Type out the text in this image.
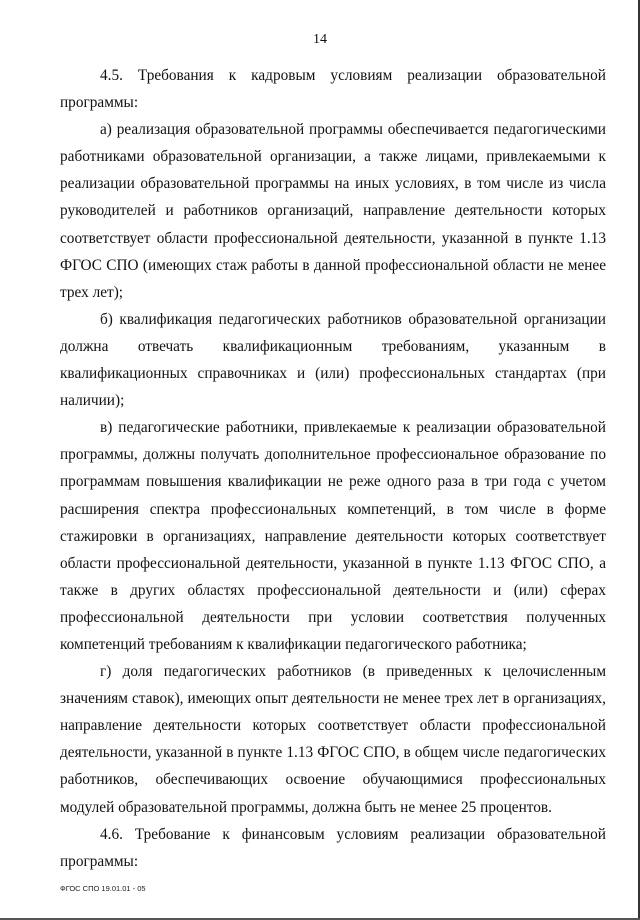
14

4.5. Требования к кадровым условиям реализации образовательной программы:

а) реализация образовательной программы обеспечивается педагогическими работниками образовательной организации, а также лицами, привлекаемыми к реализации образовательной программы на иных условиях, в том числе из числа руководителей и работников организаций, направление деятельности которых соответствует области профессиональной деятельности, указанной в пункте 1.13 ФГОС СПО (имеющих стаж работы в данной профессиональной области не менее трех лет);

б) квалификация педагогических работников образовательной организации должна отвечать квалификационным требованиям, указанным в квалификационных справочниках и (или) профессиональных стандартах (при наличии);

в) педагогические работники, привлекаемые к реализации образовательной программы, должны получать дополнительное профессиональное образование по программам повышения квалификации не реже одного раза в три года с учетом расширения спектра профессиональных компетенций, в том числе в форме стажировки в организациях, направление деятельности которых соответствует области профессиональной деятельности, указанной в пункте 1.13 ФГОС СПО, а также в других областях профессиональной деятельности и (или) сферах профессиональной деятельности при условии соответствия полученных компетенций требованиям к квалификации педагогического работника;

г) доля педагогических работников (в приведенных к целочисленным значениям ставок), имеющих опыт деятельности не менее трех лет в организациях, направление деятельности которых соответствует области профессиональной деятельности, указанной в пункте 1.13 ФГОС СПО, в общем числе педагогических работников, обеспечивающих освоение обучающимися профессиональных модулей образовательной программы, должна быть не менее 25 процентов.

4.6. Требование к финансовым условиям реализации образовательной программы:

ФГОС СПО 19.01.01 - 05
